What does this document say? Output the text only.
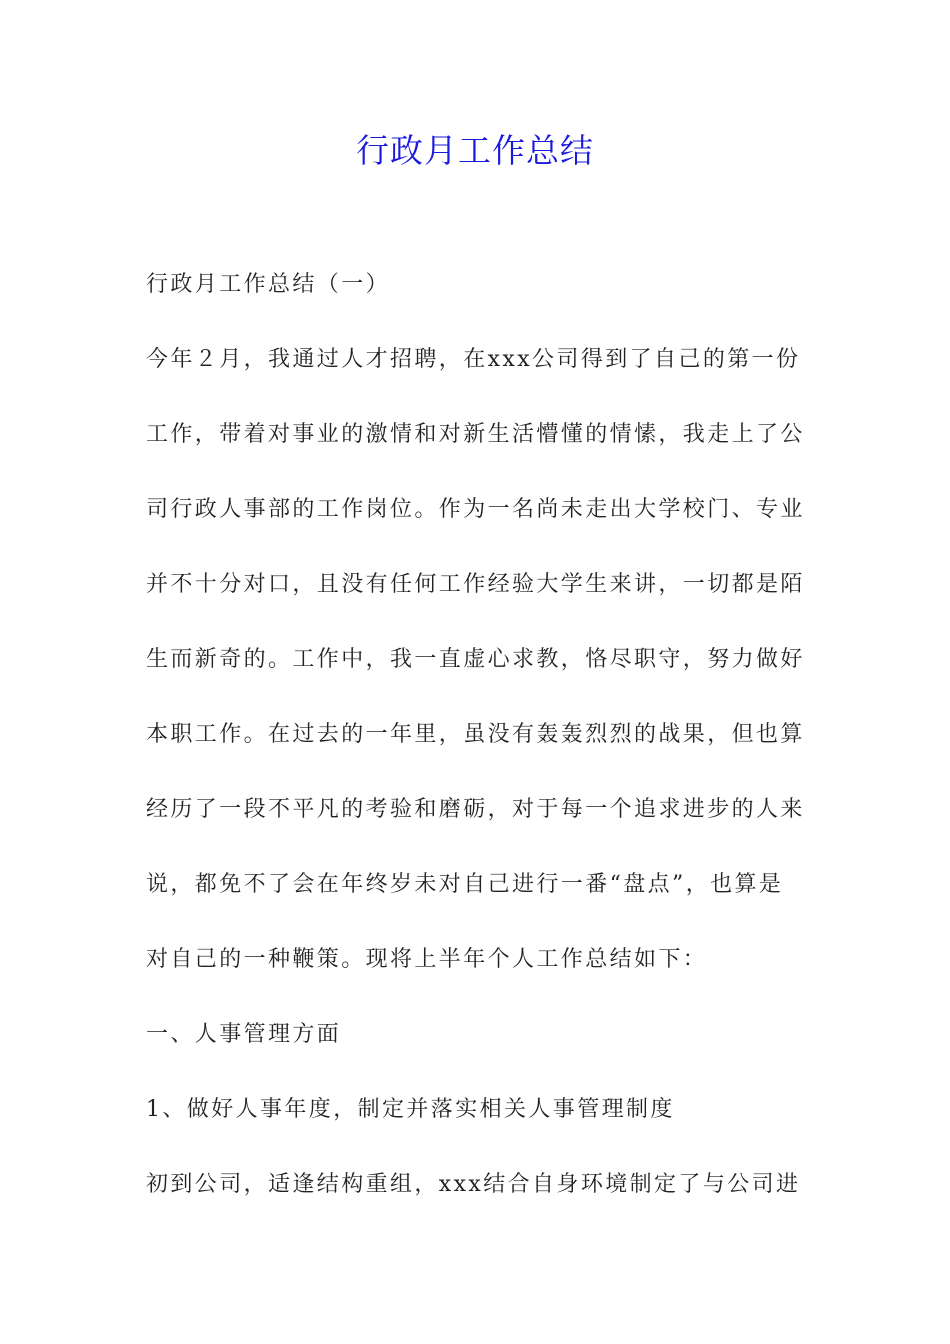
行政月工作总结

行政月工作总结（一）

今年２月，我通过人才招聘，在xxx公司得到了自己的第一份

工作，带着对事业的激情和对新生活懵懂的情愫，我走上了公

司行政人事部的工作岗位。作为一名尚未走出大学校门、专业

并不十分对口，且没有任何工作经验大学生来讲，一切都是陌

生而新奇的。工作中，我一直虚心求教，恪尽职守，努力做好

本职工作。在过去的一年里，虽没有轰轰烈烈的战果，但也算

经历了一段不平凡的考验和磨砺，对于每一个追求进步的人来

说，都免不了会在年终岁未对自己进行一番“盘点”，也算是

对自己的一种鞭策。现将上半年个人工作总结如下：

一、人事管理方面

1、做好人事年度，制定并落实相关人事管理制度

初到公司，适逢结构重组，xxx结合自身环境制定了与公司进
